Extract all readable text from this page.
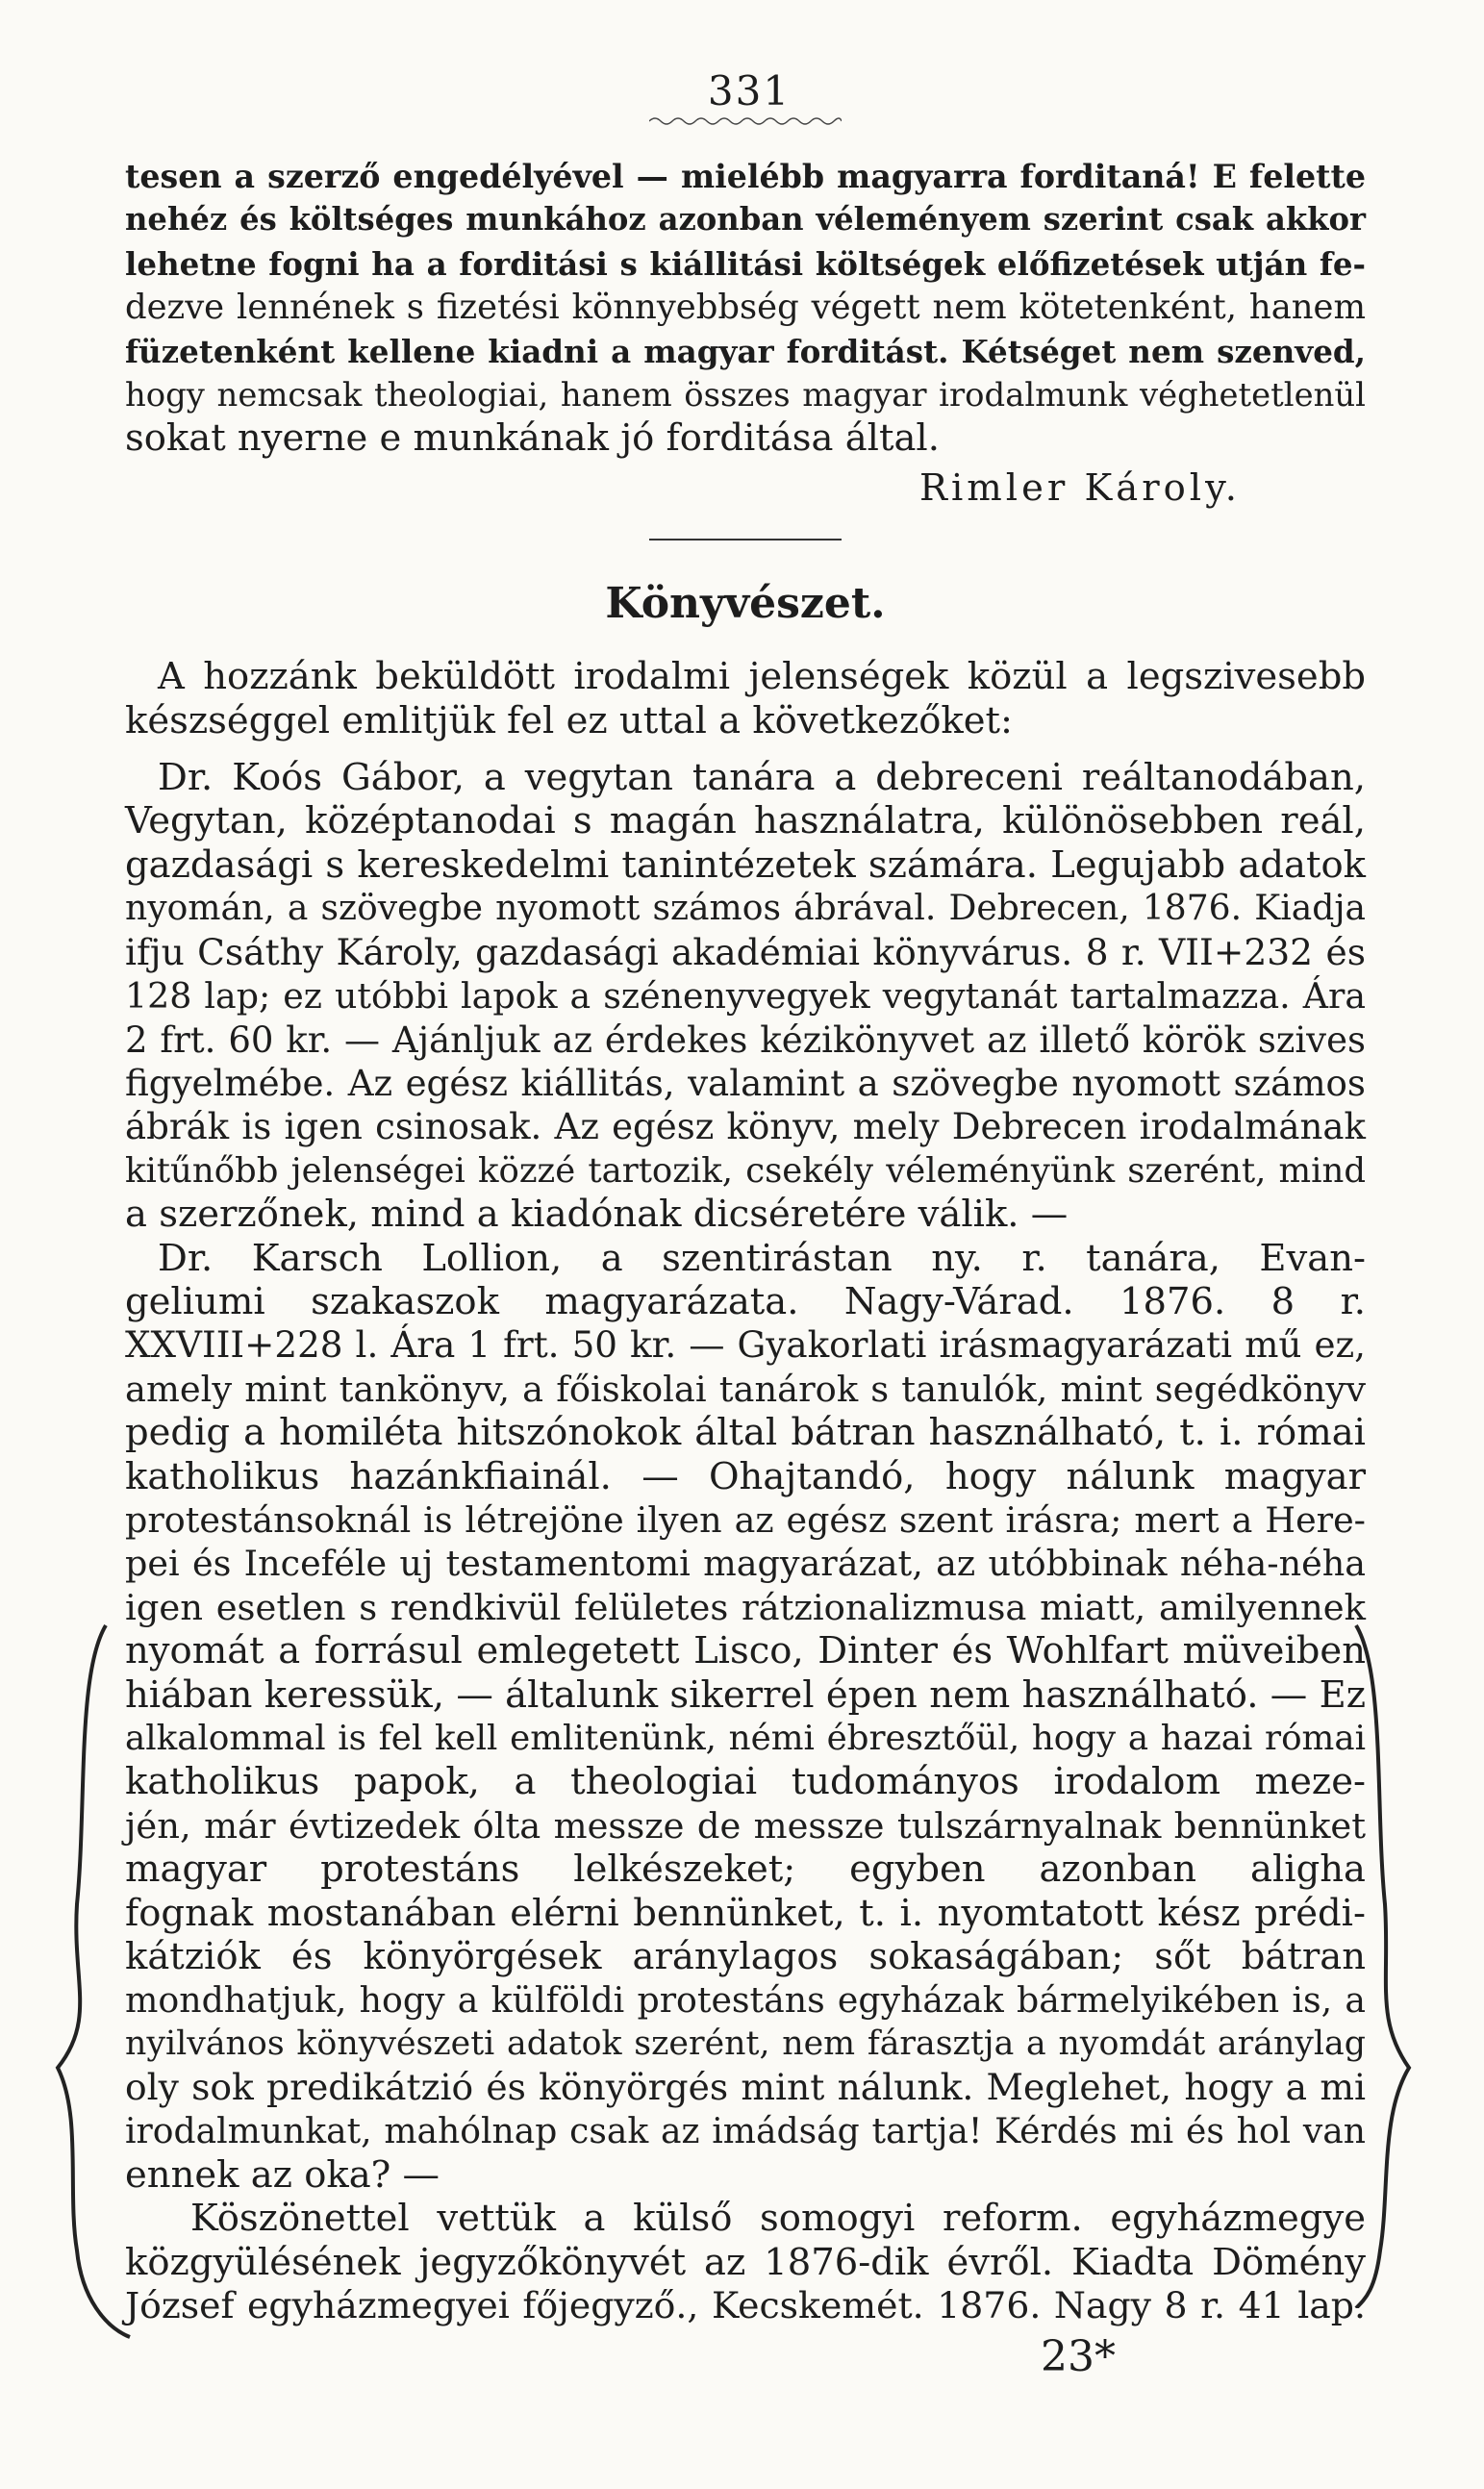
331
tesen a szerző engedélyével — mielébb magyarra forditaná! E felette
nehéz és költséges munkához azonban véleményem szerint csak akkor
lehetne fogni ha a forditási s kiállitási költségek előfizetések utján fe-
dezve lennének s fizetési könnyebbség végett nem kötetenként, hanem
füzetenként kellene kiadni a magyar forditást. Kétséget nem szenved,
hogy nemcsak theologiai, hanem összes magyar irodalmunk véghetetlenül
sokat nyerne e munkának jó forditása által.
Rimler Károly.
Könyvészet.
A hozzánk beküldött irodalmi jelenségek közül a legszivesebb
készséggel emlitjük fel ez uttal a következőket:
Dr. Koós Gábor, a vegytan tanára a debreceni reáltanodában,
Vegytan, középtanodai s magán használatra, különösebben reál,
gazdasági s kereskedelmi tanintézetek számára. Legujabb adatok
nyomán, a szövegbe nyomott számos ábrával. Debrecen, 1876. Kiadja
ifju Csáthy Károly, gazdasági akadémiai könyvárus. 8 r. VII+232 és
128 lap; ez utóbbi lapok a szénenyvegyek vegytanát tartalmazza. Ára
2 frt. 60 kr. — Ajánljuk az érdekes kézikönyvet az illető körök szives
figyelmébe. Az egész kiállitás, valamint a szövegbe nyomott számos
ábrák is igen csinosak. Az egész könyv, mely Debrecen irodalmának
kitűnőbb jelenségei közzé tartozik, csekély véleményünk szerént, mind
a szerzőnek, mind a kiadónak dicséretére válik. —
Dr. Karsch Lollion, a szentirástan ny. r. tanára, Evan-
geliumi szakaszok magyarázata. Nagy-Várad. 1876. 8 r.
XXVIII+228 l. Ára 1 frt. 50 kr. — Gyakorlati irásmagyarázati mű ez,
amely mint tankönyv, a főiskolai tanárok s tanulók, mint segédkönyv
pedig a homiléta hitszónokok által bátran használható, t. i. római
katholikus hazánkfiainál. — Ohajtandó, hogy nálunk magyar
protestánsoknál is létrejöne ilyen az egész szent irásra; mert a Here-
pei és Inceféle uj testamentomi magyarázat, az utóbbinak néha-néha
igen esetlen s rendkivül felületes rátzionalizmusa miatt, amilyennek
nyomát a forrásul emlegetett Lisco, Dinter és Wohlfart müveiben
hiában keressük, — általunk sikerrel épen nem használható. — Ez
alkalommal is fel kell emlitenünk, némi ébresztőül, hogy a hazai római
katholikus papok, a theologiai tudományos irodalom meze-
jén, már évtizedek ólta messze de messze tulszárnyalnak bennünket
magyar protestáns lelkészeket; egyben azonban aligha
fognak mostanában elérni bennünket, t. i. nyomtatott kész prédi-
kátziók és könyörgések aránylagos sokaságában; sőt bátran
mondhatjuk, hogy a külföldi protestáns egyházak bármelyikében is, a
nyilvános könyvészeti adatok szerént, nem fárasztja a nyomdát aránylag
oly sok predikátzió és könyörgés mint nálunk. Meglehet, hogy a mi
irodalmunkat, mahólnap csak az imádság tartja! Kérdés mi és hol van
ennek az oka? —
Köszönettel vettük a külső somogyi reform. egyházmegye
közgyülésének jegyzőkönyvét az 1876-dik évről. Kiadta Dömény
József egyházmegyei főjegyző., Kecskemét. 1876. Nagy 8 r. 41 lap.
23*
